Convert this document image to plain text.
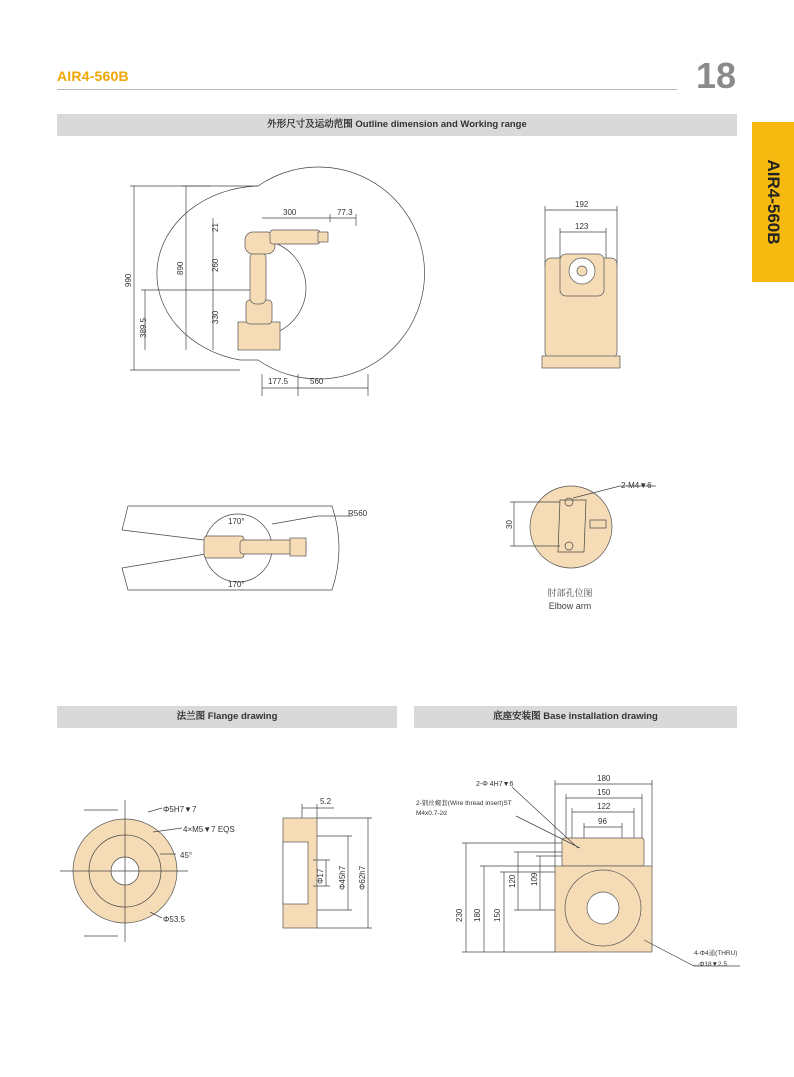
AIR4-560B	18
AIR4-560B
外形尺寸及运动范围 Outline dimension and Working range
法兰图 Flange drawing	底座安装图 Base installation drawing
300	77.3
21
260
330
990
890
389.5
177.5	560
192
123
170°
170°
R560
2-M4▼6
30
肘部孔位图
Elbow arm
Φ5H7▼7
4×M5▼7 EQS
45°
Φ53.5
5.2
Φ17 Φ45h7 Φ62h7
180
150
122
96
2-Φ 4H7▼6
2-钢丝螺套(Wire thread insert)ST
M4x0.7-2d
230 180 150
120 109
4-Φ4通(THRU)
⌴Φ18▼2.5
